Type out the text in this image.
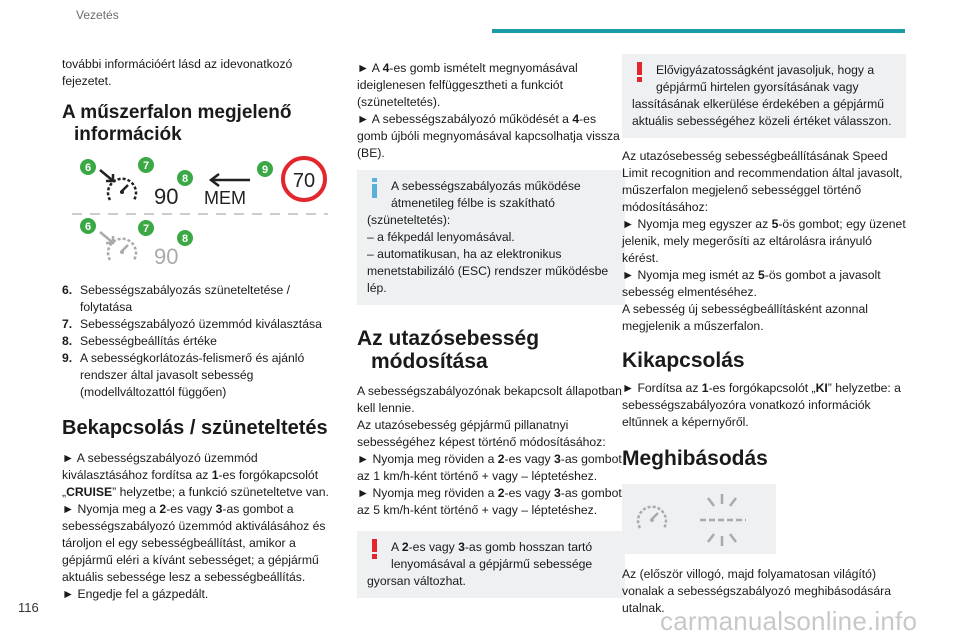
Vezetés

további információért lásd az idevonatkozó fejezetet.

A műszerfalon megjelenő
információk
6	7
8
9
90 MEM
70
6	7
8
90
6. Sebességszabályozás szüneteltetése / folytatása
7. Sebességszabályozó üzemmód kiválasztása
8. Sebességbeállítás értéke
9. A sebességkorlátozás-felismerő és ajánló rendszer által javasolt sebesség (modellváltozattól függően)
Bekapcsolás / szüneteltetés

► A sebességszabályozó üzemmód kiválasztásához fordítsa az 1-es forgókapcsolót „CRUISE” helyzetbe; a funkció szüneteltetve van.

► Nyomja meg a 2-es vagy 3-as gombot a sebességszabályozó üzemmód aktiválásához és tároljon el egy sebességbeállítást, amikor a gépjármű eléri a kívánt sebességet; a gépjármű aktuális sebessége lesz a sebességbeállítás.

► Engedje fel a gázpedált.

► A 4-es gomb ismételt megnyomásával ideiglenesen felfüggesztheti a funkciót (szüneteltetés).

► A sebességszabályozó működését a 4-es gomb újbóli megnyomásával kapcsolhatja vissza (BE).

A sebességszabályozás működése

átmenetileg félbe is szakítható

(szüneteltetés):
– a fékpedál lenyomásával.
– automatikusan, ha az elektronikus menetstabilizáló (ESC) rendszer működésbe lép.

Az utazósebesség
módosítása

A sebességszabályozónak bekapcsolt állapotban kell lennie.

Az utazósebesség gépjármű pillanatnyi sebességéhez képest történő módosításához:

► Nyomja meg röviden a 2-es vagy 3-as gombot az 1 km/h-ként történő + vagy – léptetéshez.

► Nyomja meg röviden a 2-es vagy 3-as gombot az 5 km/h-ként történő + vagy – léptetéshez.

A 2-es vagy 3-as gomb hosszan tartó

lenyomásával a gépjármű sebessége

gyorsan változhat.

Elővigyázatosságként javasoljuk, hogy a

gépjármű hirtelen gyorsításának vagy

lassításának elkerülése érdekében a gépjármű aktuális sebességéhez közeli értéket válasszon.

Az utazósebesség sebességbeállításának Speed Limit recognition and recommendation által javasolt, műszerfalon megjelenő sebességgel történő módosításához:

► Nyomja meg egyszer az 5-ös gombot; egy üzenet jelenik, mely megerősíti az eltárolásra irányuló kérést.

► Nyomja meg ismét az 5-ös gombot a javasolt sebesség elmentéséhez.

A sebesség új sebességbeállításként azonnal megjelenik a műszerfalon.

Kikapcsolás

► Fordítsa az 1-es forgókapcsolót „KI” helyzetbe: a sebességszabályozóra vonatkozó információk eltűnnek a képernyőről.

Meghibásodás

Az (először villogó, majd folyamatosan világító) vonalak a sebességszabályozó meghibásodására utalnak.

116	carmanualsonline.info
